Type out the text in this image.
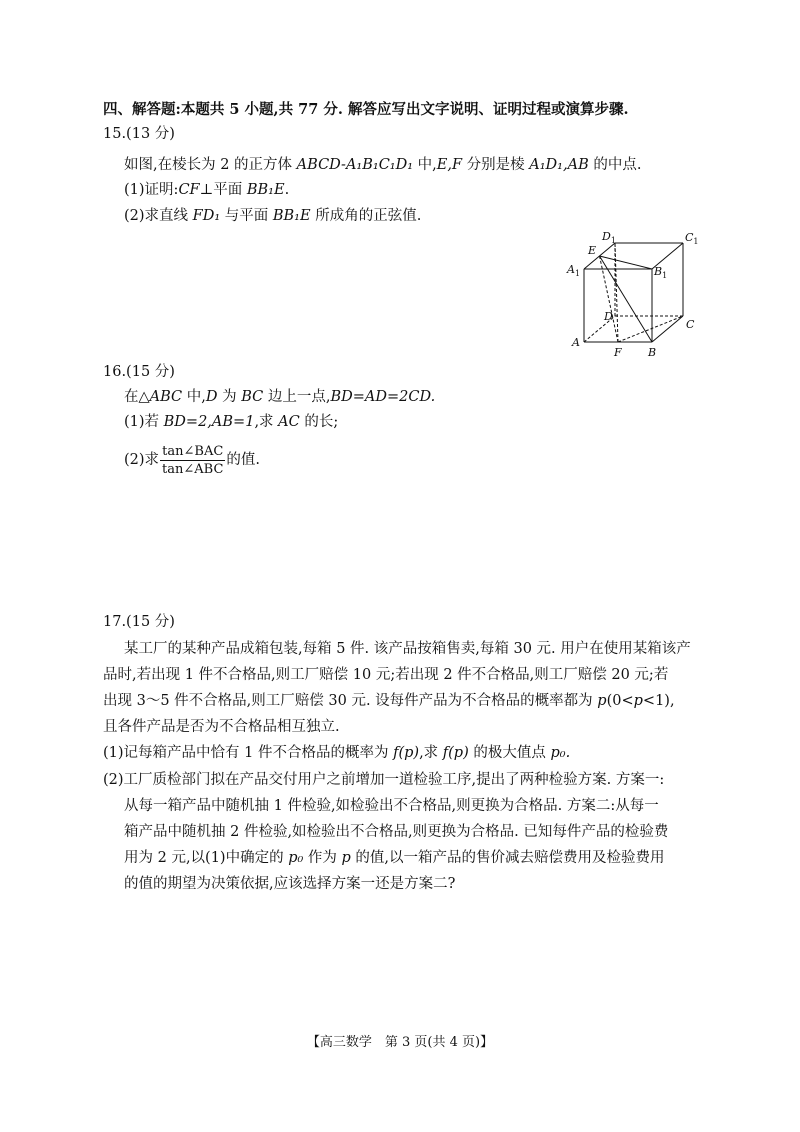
四、解答题:本题共 5 小题,共 77 分. 解答应写出文字说明、证明过程或演算步骤.
15.(13 分)
如图,在棱长为 2 的正方体 ABCD-A₁B₁C₁D₁ 中,E,F 分别是棱 A₁D₁,AB 的中点.
(1)证明:CF⊥平面 BB₁E.
(2)求直线 FD₁ 与平面 BB₁E 所成角的正弦值.
$D_1$	$C_1$
E
$A_1$	$B_1$
D
C
A
F B
16.(15 分)
在△ABC 中,D 为 BC 边上一点,BD=AD=2CD.
(1)若 BD=2,AB=1,求 AC 的长;
(2)求 $\frac{\text{tan∠BAC}}{\text{tan∠ABC}}$ 的值.
17.(15 分)
某工厂的某种产品成箱包装,每箱 5 件. 该产品按箱售卖,每箱 30 元. 用户在使用某箱该产
品时,若出现 1 件不合格品,则工厂赔偿 10 元;若出现 2 件不合格品,则工厂赔偿 20 元;若
出现 3～5 件不合格品,则工厂赔偿 30 元. 设每件产品为不合格品的概率都为 p(0<p<1),
且各件产品是否为不合格品相互独立.
(1)记每箱产品中恰有 1 件不合格品的概率为 f(p),求 f(p) 的极大值点 p₀.
(2)工厂质检部门拟在产品交付用户之前增加一道检验工序,提出了两种检验方案. 方案一:
从每一箱产品中随机抽 1 件检验,如检验出不合格品,则更换为合格品. 方案二:从每一
箱产品中随机抽 2 件检验,如检验出不合格品,则更换为合格品. 已知每件产品的检验费
用为 2 元,以(1)中确定的 p₀ 作为 p 的值,以一箱产品的售价减去赔偿费用及检验费用
的值的期望为决策依据,应该选择方案一还是方案二?
【高三数学　第 3 页(共 4 页)】
